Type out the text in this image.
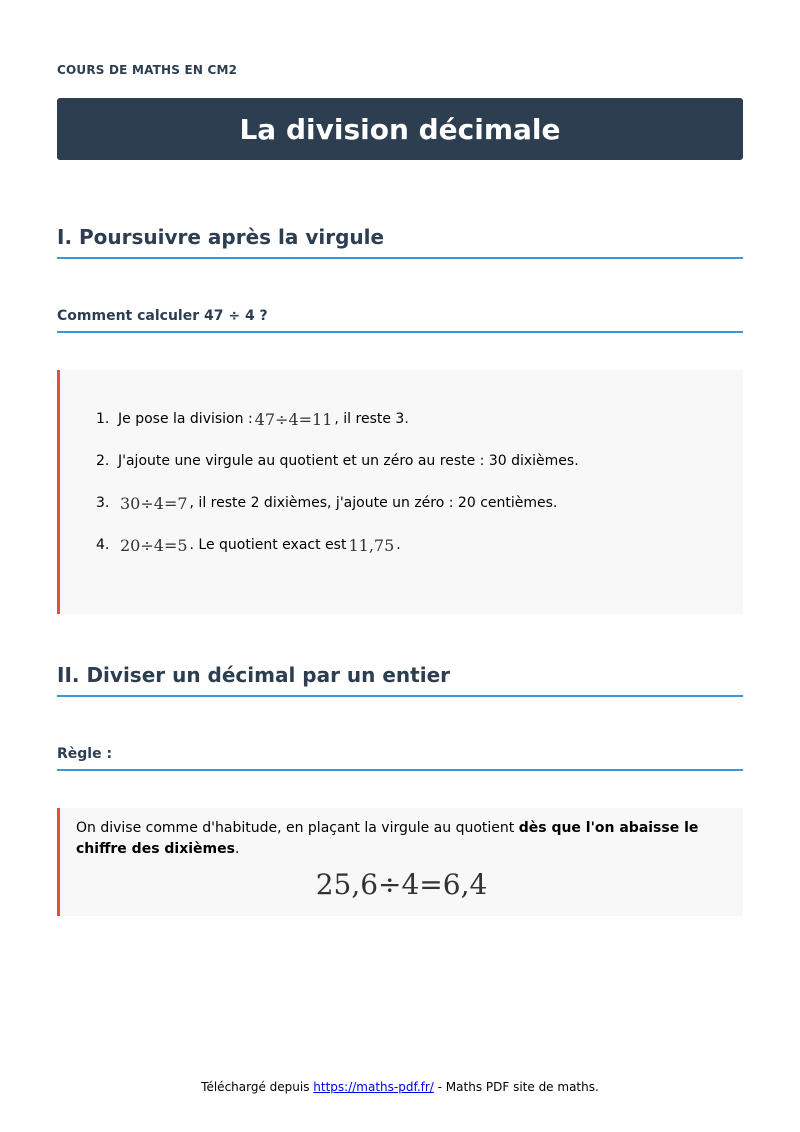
COURS DE MATHS EN CM2
La division décimale
I. Poursuivre après la virgule
Comment calculer 47 ÷ 4 ?
1. Je pose la division : 47÷4=11 , il reste 3.
2. J'ajoute une virgule au quotient et un zéro au reste : 30 dixièmes.
3. 30÷4=7 , il reste 2 dixièmes, j'ajoute un zéro : 20 centièmes.
4. 20÷4=5 . Le quotient exact est 11,75 .
II. Diviser un décimal par un entier
Règle :

On divise comme d'habitude, en plaçant la virgule au quotient dès que l'on abaisse le chiffre des dixièmes.

25,6÷4=6,4
Téléchargé depuis https://maths-pdf.fr/ - Maths PDF site de maths.
